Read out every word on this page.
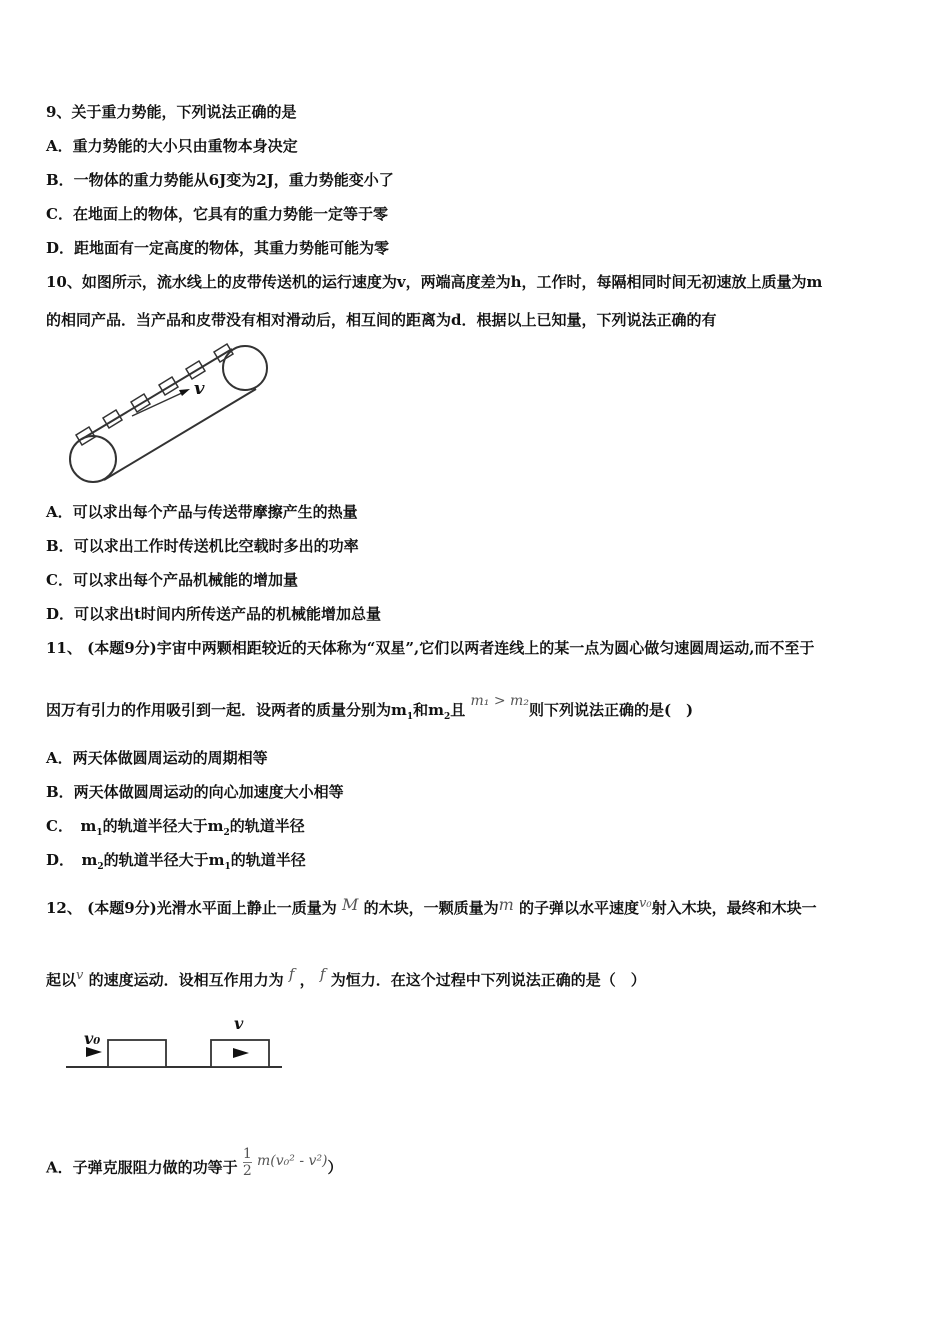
9、关于重力势能，下列说法正确的是
A．重力势能的大小只由重物本身决定
B．一物体的重力势能从6J变为2J，重力势能变小了
C．在地面上的物体，它具有的重力势能一定等于零
D．距地面有一定高度的物体，其重力势能可能为零
10、如图所示，流水线上的皮带传送机的运行速度为v，两端高度差为h，工作时，每隔相同时间无初速放上质量为m
的相同产品．当产品和皮带没有相对滑动后，相互间的距离为d．根据以上已知量，下列说法正确的有
v
A．可以求出每个产品与传送带摩擦产生的热量
B．可以求出工作时传送机比空载时多出的功率
C．可以求出每个产品机械能的增加量
D．可以求出t时间内所传送产品的机械能增加总量
11、 (本题9分)宇宙中两颗相距较近的天体称为“双星”,它们以两者连线上的某一点为圆心做匀速圆周运动,而不至于
因万有引力的作用吸引到一起．设两者的质量分别为$m_1$和$m_2$且 m₁ > m₂则下列说法正确的是(　)
A．两天体做圆周运动的周期相等
B．两天体做圆周运动的向心加速度大小相等
C．　$m_1$的轨道半径大于$m_2$的轨道半径
D．　$m_2$的轨道半径大于$m_1$的轨道半径
12、 (本题9分)光滑水平面上静止一质量为 M 的木块，一颗质量为m 的子弹以水平速度v₀射入木块，最终和木块一
起以v 的速度运动．设相互作用力为 f ， f 为恒力．在这个过程中下列说法正确的是（　）
v₀
v
A．子弹克服阻力做的功等于 $\frac{1}{2} m(v_0^2 - v^2)$）
